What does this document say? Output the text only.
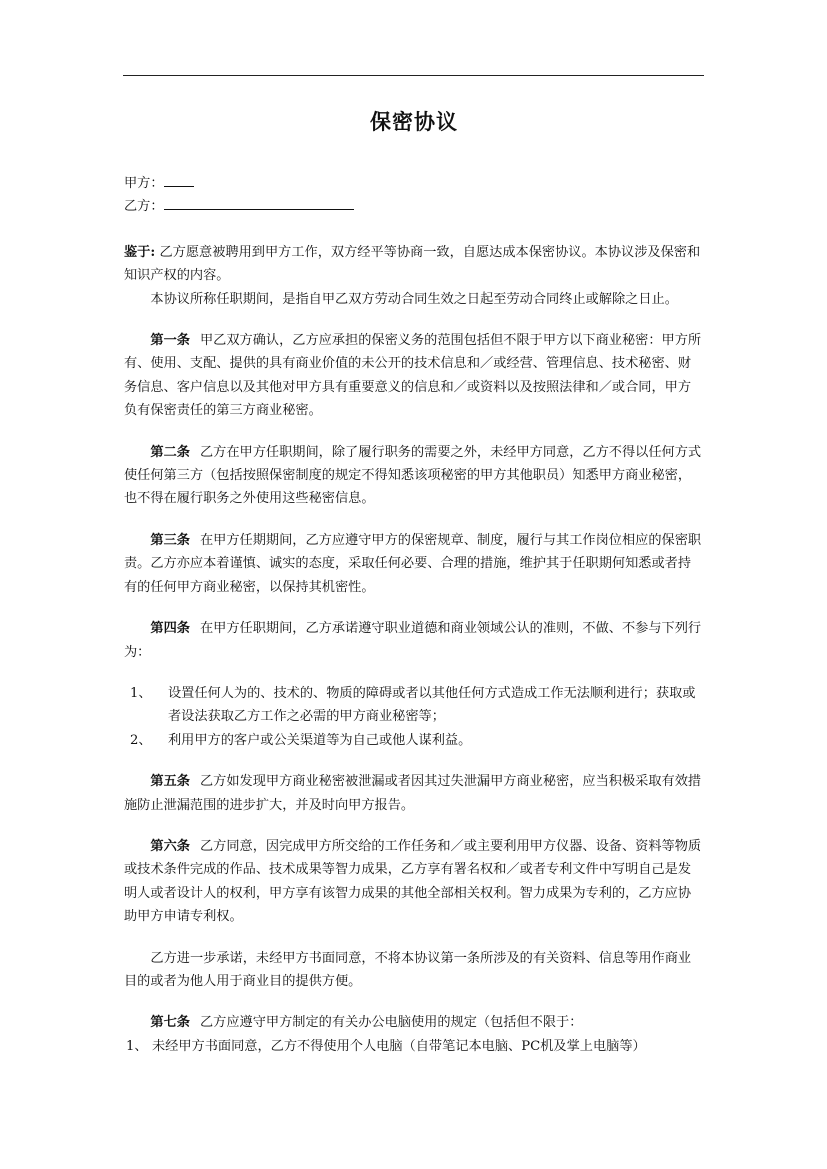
保密协议

甲方：

乙方：

鉴于: 乙方愿意被聘用到甲方工作，双方经平等协商一致，自愿达成本保密协议。本协议涉及保密和知识产权的内容。

本协议所称任职期间，是指自甲乙双方劳动合同生效之日起至劳动合同终止或解除之日止。

第一条 甲乙双方确认，乙方应承担的保密义务的范围包括但不限于甲方以下商业秘密：甲方所有、使用、支配、提供的具有商业价值的未公开的技术信息和／或经营、管理信息、技术秘密、财务信息、客户信息以及其他对甲方具有重要意义的信息和／或资料以及按照法律和／或合同，甲方负有保密责任的第三方商业秘密。

第二条 乙方在甲方任职期间，除了履行职务的需要之外，未经甲方同意，乙方不得以任何方式使任何第三方（包括按照保密制度的规定不得知悉该项秘密的甲方其他职员）知悉甲方商业秘密，也不得在履行职务之外使用这些秘密信息。

第三条 在甲方任期期间，乙方应遵守甲方的保密规章、制度，履行与其工作岗位相应的保密职责。乙方亦应本着谨慎、诚实的态度，采取任何必要、合理的措施，维护其于任职期何知悉或者持有的任何甲方商业秘密，以保持其机密性。

第四条 在甲方任职期间，乙方承诺遵守职业道德和商业领域公认的准则，不做、不参与下列行为：

1、	设置任何人为的、技术的、物质的障碍或者以其他任何方式造成工作无法顺利进行；获取或者设法获取乙方工作之必需的甲方商业秘密等；
2、	利用甲方的客户或公关渠道等为自己或他人谋利益。

第五条 乙方如发现甲方商业秘密被泄漏或者因其过失泄漏甲方商业秘密，应当积极采取有效措施防止泄漏范围的进步扩大，并及时向甲方报告。

第六条 乙方同意，因完成甲方所交给的工作任务和／或主要利用甲方仪器、设备、资料等物质或技术条件完成的作品、技术成果等智力成果，乙方享有署名权和／或者专利文件中写明自己是发明人或者设计人的权利，甲方享有该智力成果的其他全部相关权利。智力成果为专利的，乙方应协助甲方申请专利权。

乙方进一步承诺，未经甲方书面同意，不将本协议第一条所涉及的有关资料、信息等用作商业目的或者为他人用于商业目的提供方便。

第七条 乙方应遵守甲方制定的有关办公电脑使用的规定（包括但不限于：

1、 未经甲方书面同意，乙方不得使用个人电脑（自带笔记本电脑、PC机及掌上电脑等）
